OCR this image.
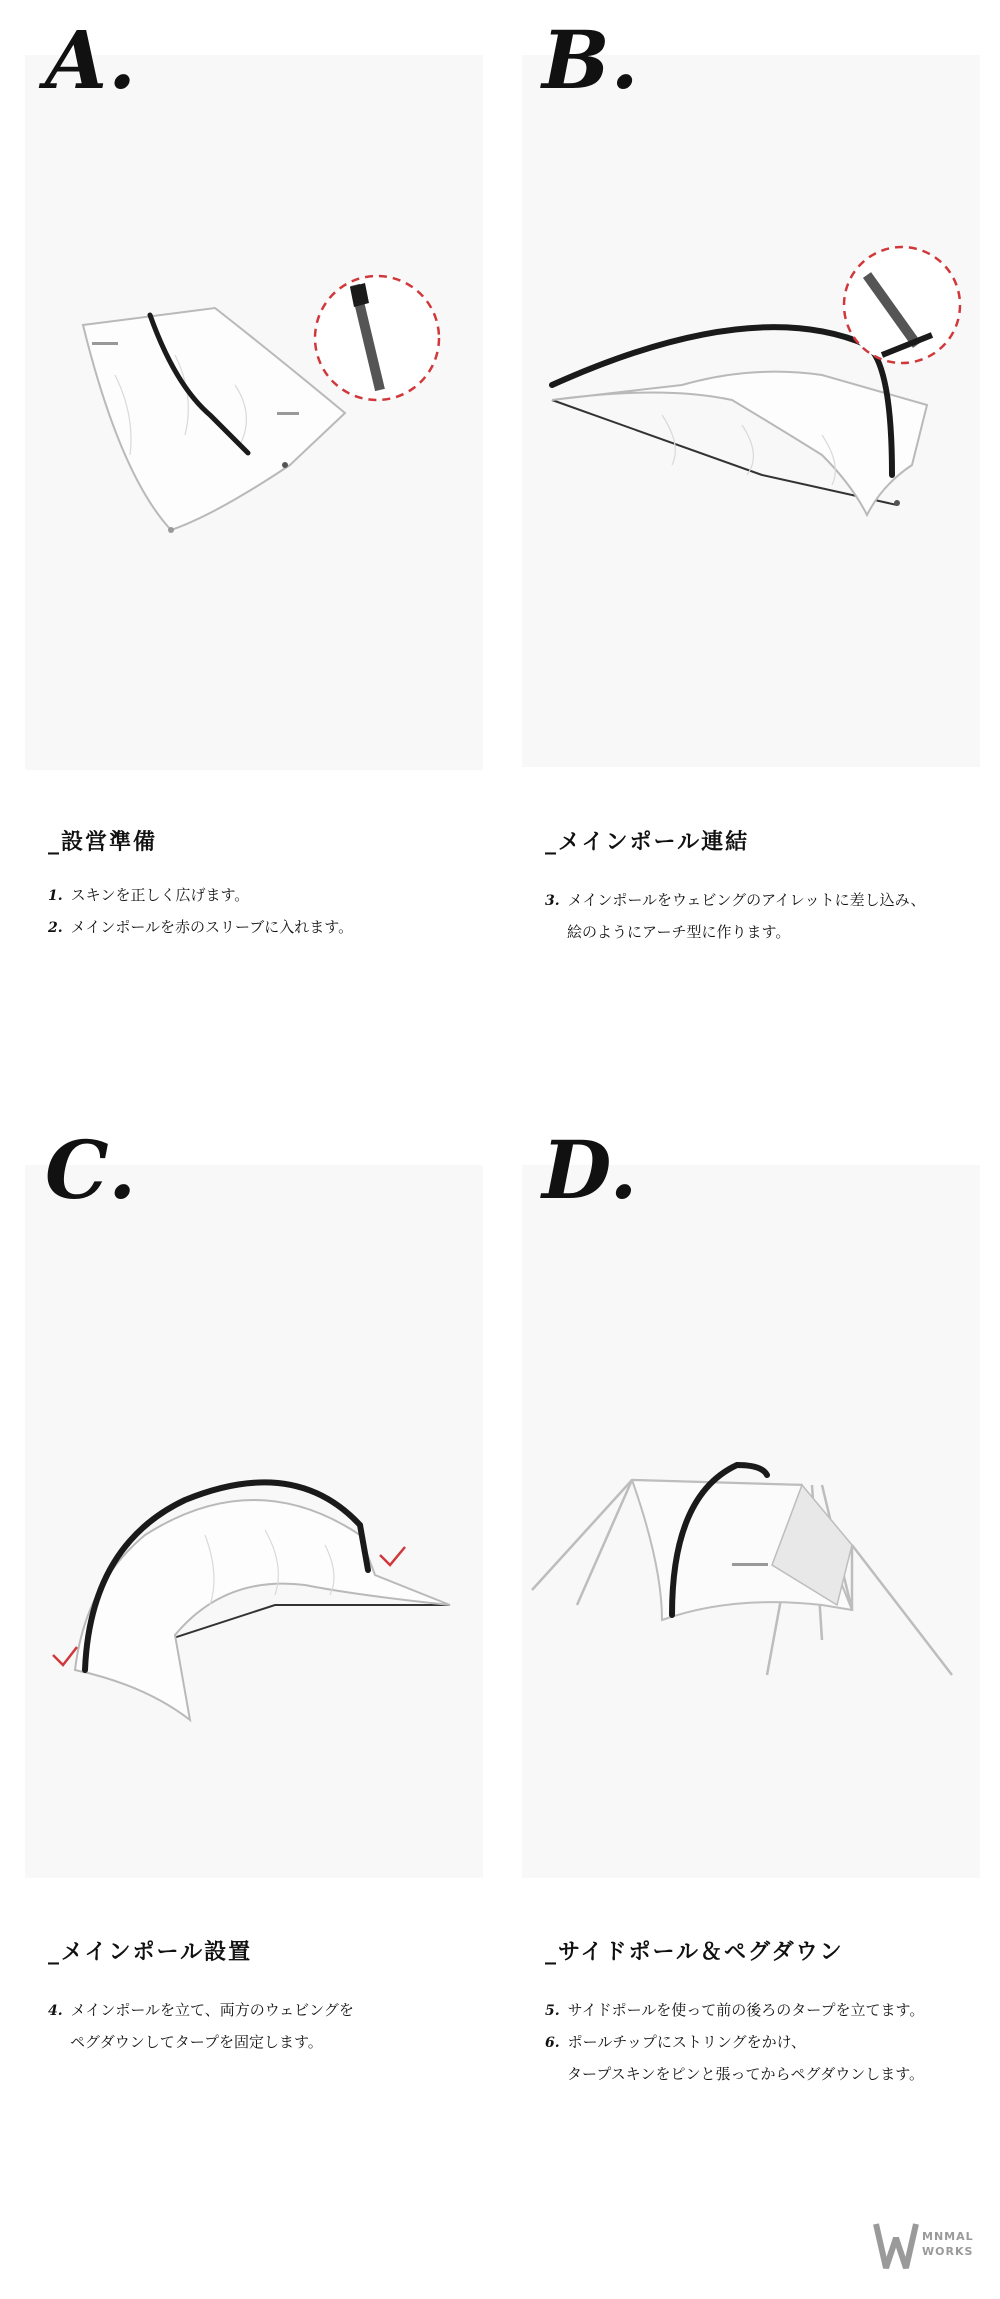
A.
_設営準備
1. スキンを正しく広げます。
2. メインポールを赤のスリーブに入れます。
B.
_メインポール連結
3. メインポールをウェビングのアイレットに差し込み、
絵のようにアーチ型に作ります。
C.
_メインポール設置
4. メインポールを立て、両方のウェビングを
ペグダウンしてタープを固定します。
D.
_サイドポール＆ペグダウン
5. サイドポールを使って前の後ろのタープを立てます。
6. ポールチップにストリングをかけ、
タープスキンをピンと張ってからペグダウンします。
MNMAL
WORKS
